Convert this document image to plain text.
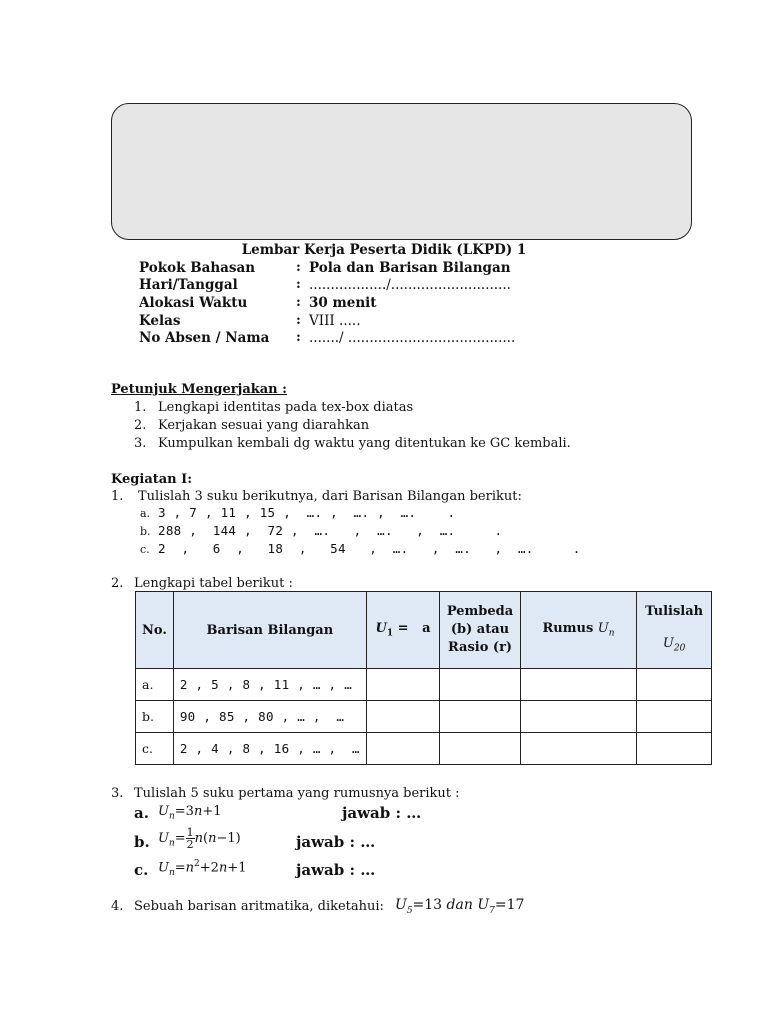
Lembar Kerja Peserta Didik (LKPD) 1
Pokok Bahasan	: Pola dan Barisan Bilangan
Hari/Tanggal	: ................../............................
Alokasi Waktu	: 30 menit
Kelas	: VIII .....
No Absen / Nama : ......./ .......................................
Petunjuk Mengerjakan :
1. Lengkapi identitas pada tex-box diatas
2. Kerjakan sesuai yang diarahkan
3. Kumpulkan kembali dg waktu yang ditentukan ke GC kembali.
Kegiatan I:
1. Tulislah 3 suku berikutnya, dari Barisan Bilangan berikut:
a. 3 , 7 , 11 , 15 ,  …. ,  …. ,  ….    .
b. 288 ,  144 ,  72 ,  ….   ,  ….   ,  ….     .
c. 2  ,   6  ,   18  ,   54   ,  ….   ,  ….   ,  ….     .
2. Lengkapi tabel berikut :
No.	Barisan Bilangan	$U_1 = a$	Pembeda (b) atau Rasio (r)	Rumus $U_n$	Tulislah
$U_{20}$
a.	2 , 5 , 8 , 11 , … , …				
b.	90 , 85 , 80 , … ,  …				
c.	2 , 4 , 8 , 16 , … ,  …				
3. Tulislah 5 suku pertama yang rumusnya berikut :
a. $U_n=3n+1$	jawab : …
b. $U_n= \frac{1}{2} n(n-1)$	jawab : …
c. $U_n=n^2+2n+1$	jawab : …
4. Sebuah barisan aritmatika, diketahui: $U_5=13$ dan $U_7=17$
